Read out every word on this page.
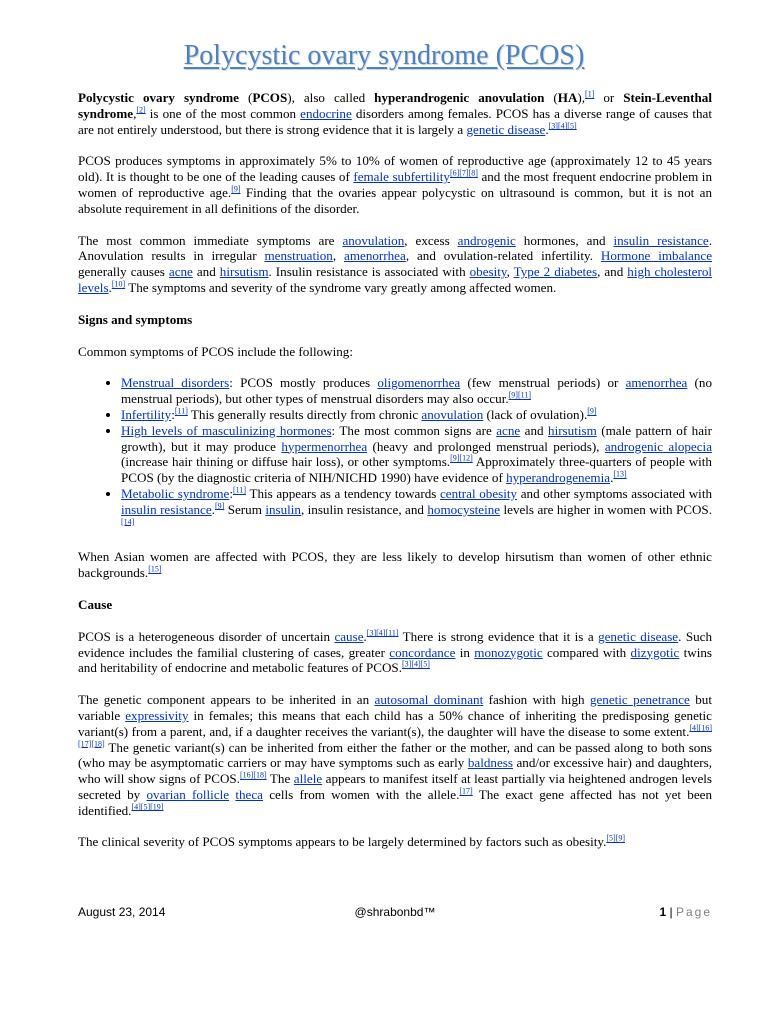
Polycystic ovary syndrome (PCOS)

Polycystic ovary syndrome (PCOS), also called hyperandrogenic anovulation (HA),[1] or Stein-Leventhal syndrome,[2] is one of the most common endocrine disorders among females. PCOS has a diverse range of causes that are not entirely understood, but there is strong evidence that it is largely a genetic disease.[3][4][5]

PCOS produces symptoms in approximately 5% to 10% of women of reproductive age (approximately 12 to 45 years old). It is thought to be one of the leading causes of female subfertility[6][7][8] and the most frequent endocrine problem in women of reproductive age.[9] Finding that the ovaries appear polycystic on ultrasound is common, but it is not an absolute requirement in all definitions of the disorder.

The most common immediate symptoms are anovulation, excess androgenic hormones, and insulin resistance. Anovulation results in irregular menstruation, amenorrhea, and ovulation-related infertility. Hormone imbalance generally causes acne and hirsutism. Insulin resistance is associated with obesity, Type 2 diabetes, and high cholesterol levels.[10] The symptoms and severity of the syndrome vary greatly among affected women.

Signs and symptoms

Common symptoms of PCOS include the following:

• Menstrual disorders: PCOS mostly produces oligomenorrhea (few menstrual periods) or amenorrhea (no menstrual periods), but other types of menstrual disorders may also occur.[9][11]
• Infertility:[11] This generally results directly from chronic anovulation (lack of ovulation).[9]
• High levels of masculinizing hormones: The most common signs are acne and hirsutism (male pattern of hair growth), but it may produce hypermenorrhea (heavy and prolonged menstrual periods), androgenic alopecia (increase hair thining or diffuse hair loss), or other symptoms.[9][12] Approximately three-quarters of people with PCOS (by the diagnostic criteria of NIH/NICHD 1990) have evidence of hyperandrogenemia.[13]
• Metabolic syndrome:[11] This appears as a tendency towards central obesity and other symptoms associated with insulin resistance.[9] Serum insulin, insulin resistance, and homocysteine levels are higher in women with PCOS.[14]

When Asian women are affected with PCOS, they are less likely to develop hirsutism than women of other ethnic backgrounds.[15]

Cause

PCOS is a heterogeneous disorder of uncertain cause.[3][4][11] There is strong evidence that it is a genetic disease. Such evidence includes the familial clustering of cases, greater concordance in monozygotic compared with dizygotic twins and heritability of endocrine and metabolic features of PCOS.[3][4][5]

The genetic component appears to be inherited in an autosomal dominant fashion with high genetic penetrance but variable expressivity in females; this means that each child has a 50% chance of inheriting the predisposing genetic variant(s) from a parent, and, if a daughter receives the variant(s), the daughter will have the disease to some extent.[4][16][17][18] The genetic variant(s) can be inherited from either the father or the mother, and can be passed along to both sons (who may be asymptomatic carriers or may have symptoms such as early baldness and/or excessive hair) and daughters, who will show signs of PCOS.[16][18] The allele appears to manifest itself at least partially via heightened androgen levels secreted by ovarian follicle theca cells from women with the allele.[17] The exact gene affected has not yet been identified.[4][5][19]

The clinical severity of PCOS symptoms appears to be largely determined by factors such as obesity.[5][9]

August 23, 2014	@shrabonbd™	1 | Page
